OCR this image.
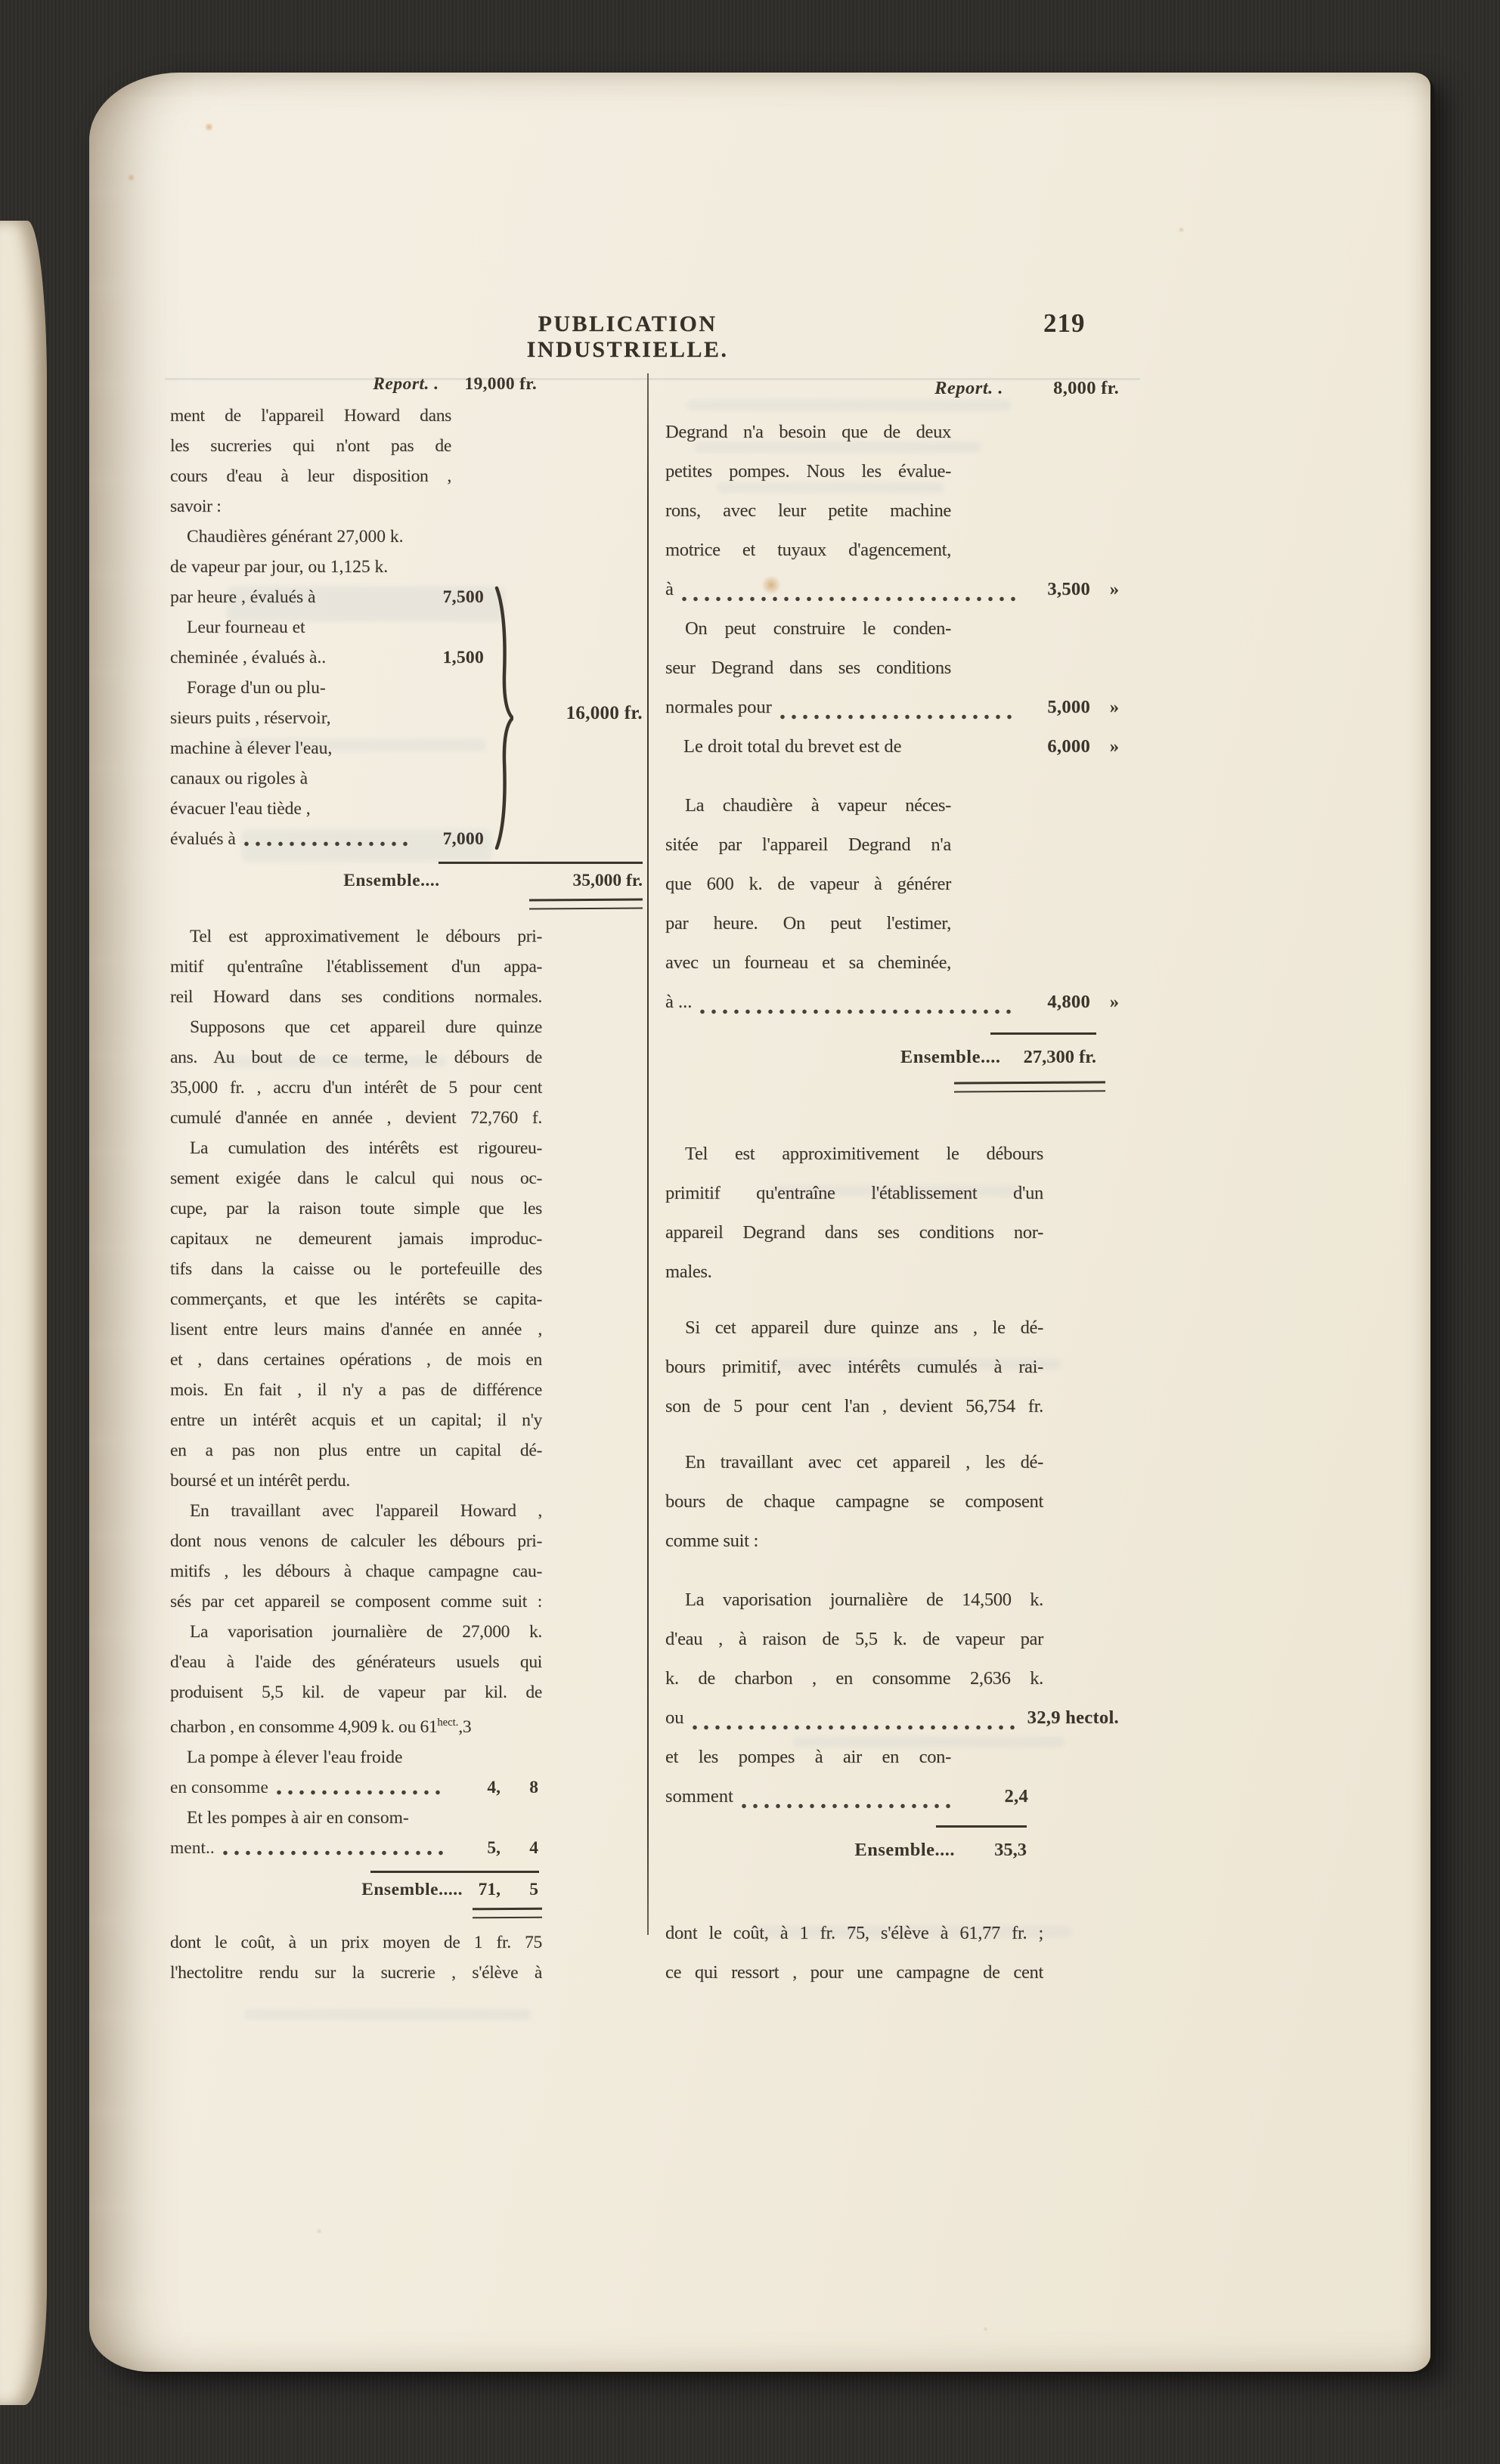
PUBLICATION INDUSTRIELLE.
219
Report. . 19,000 fr.
ment de l'appareil Howard dans
les sucreries qui n'ont pas de
cours d'eau à leur disposition ,
savoir :
Chaudières générant 27,000 k.
de vapeur par jour, ou 1,125 k.
par heure , évalués à	7,500
Leur fourneau et
cheminée , évalués à..	1,500
Forage d'un ou plu-
sieurs puits , réservoir,
machine à élever l'eau,
canaux ou rigoles à
évacuer l'eau tiède ,
évalués à	7,000
16,000 fr.
Ensemble....	35,000 fr.
Tel est approximativement le débours pri-
mitif qu'entraîne l'établissement d'un appa-
reil Howard dans ses conditions normales.
Supposons que cet appareil dure quinze
ans. Au bout de ce terme, le débours de
35,000 fr. , accru d'un intérêt de 5 pour cent
cumulé d'année en année , devient 72,760 f.
La cumulation des intérêts est rigoureu-
sement exigée dans le calcul qui nous oc-
cupe, par la raison toute simple que les
capitaux ne demeurent jamais improduc-
tifs dans la caisse ou le portefeuille des
commerçants, et que les intérêts se capita-
lisent entre leurs mains d'année en année ,
et , dans certaines opérations , de mois en
mois. En fait , il n'y a pas de différence
entre un intérêt acquis et un capital; il n'y
en a pas non plus entre un capital dé-
boursé et un intérêt perdu.
En travaillant avec l'appareil Howard ,
dont nous venons de calculer les débours pri-
mitifs , les débours à chaque campagne cau-
sés par cet appareil se composent comme suit :
La vaporisation journalière de 27,000 k.
d'eau à l'aide des générateurs usuels qui
produisent 5,5 kil. de vapeur par kil. de
charbon , en consomme 4,909 k. ou $61^{hect.},3$
La pompe à élever l'eau froide
en consomme	4,	8
Et les pompes à air en consom-
ment..	5,	4
Ensemble..... 71, 5
dont le coût, à un prix moyen de 1 fr. 75
l'hectolitre rendu sur la sucrerie , s'élève à
Report. .	8,000 fr.
Degrand n'a besoin que de deux
petites pompes. Nous les évalue-
rons, avec leur petite machine
motrice et tuyaux d'agencement,
à	3,500	»
On peut construire le conden-
seur Degrand dans ses conditions
normales pour	5,000	»
Le droit total du brevet est de	6,000	»
La chaudière à vapeur néces-
sitée par l'appareil Degrand n'a
que 600 k. de vapeur à générer
par heure. On peut l'estimer,
avec un fourneau et sa cheminée,
à ...	4,800	»
Ensemble.... 27,300 fr.
Tel est approximitivement le débours
primitif qu'entraîne l'établissement d'un
appareil Degrand dans ses conditions nor-
males.
Si cet appareil dure quinze ans , le dé-
bours primitif, avec intérêts cumulés à rai-
son de 5 pour cent l'an , devient 56,754 fr.
En travaillant avec cet appareil , les dé-
bours de chaque campagne se composent
comme suit :
La vaporisation journalière de 14,500 k.
d'eau , à raison de 5,5 k. de vapeur par
k. de charbon , en consomme 2,636 k.
ou	32,9 hectol.
et les pompes à air en con-
somment	2,4
Ensemble.... 35,3
dont le coût, à 1 fr. 75, s'élève à 61,77 fr. ;
ce qui ressort , pour une campagne de cent
